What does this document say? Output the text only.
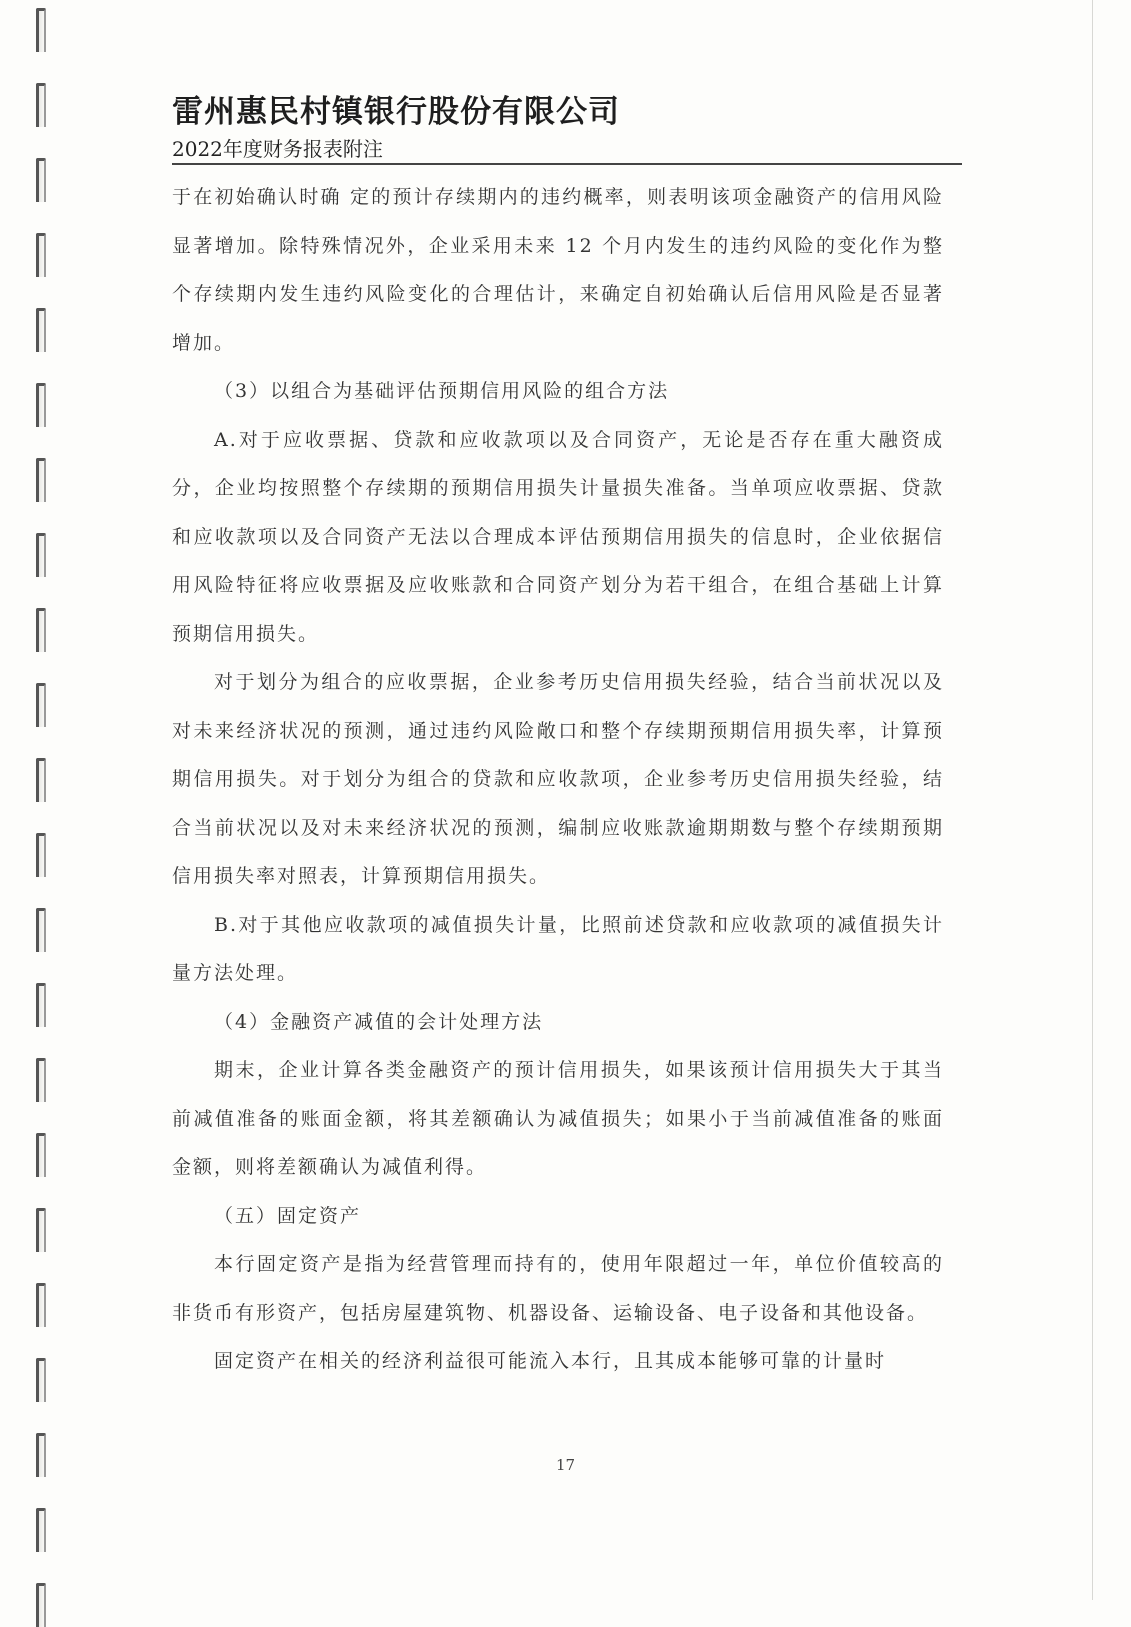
雷州惠民村镇银行股份有限公司
2022年度财务报表附注

于在初始确认时确 定的预计存续期内的违约概率，则表明该项金融资产的信用风险显著增加。除特殊情况外，企业采用未来 12 个月内发生的违约风险的变化作为整个存续期内发生违约风险变化的合理估计，来确定自初始确认后信用风险是否显著增加。

（3）以组合为基础评估预期信用风险的组合方法

A.对于应收票据、贷款和应收款项以及合同资产，无论是否存在重大融资成分，企业均按照整个存续期的预期信用损失计量损失准备。当单项应收票据、贷款和应收款项以及合同资产无法以合理成本评估预期信用损失的信息时，企业依据信用风险特征将应收票据及应收账款和合同资产划分为若干组合，在组合基础上计算预期信用损失。

对于划分为组合的应收票据，企业参考历史信用损失经验，结合当前状况以及对未来经济状况的预测，通过违约风险敞口和整个存续期预期信用损失率，计算预期信用损失。对于划分为组合的贷款和应收款项，企业参考历史信用损失经验，结合当前状况以及对未来经济状况的预测，编制应收账款逾期期数与整个存续期预期信用损失率对照表，计算预期信用损失。

B.对于其他应收款项的减值损失计量，比照前述贷款和应收款项的减值损失计量方法处理。

（4）金融资产减值的会计处理方法

期末，企业计算各类金融资产的预计信用损失，如果该预计信用损失大于其当前减值准备的账面金额，将其差额确认为减值损失；如果小于当前减值准备的账面金额，则将差额确认为减值利得。

（五）固定资产

本行固定资产是指为经营管理而持有的，使用年限超过一年，单位价值较高的非货币有形资产，包括房屋建筑物、机器设备、运输设备、电子设备和其他设备。

固定资产在相关的经济利益很可能流入本行，且其成本能够可靠的计量时

17
